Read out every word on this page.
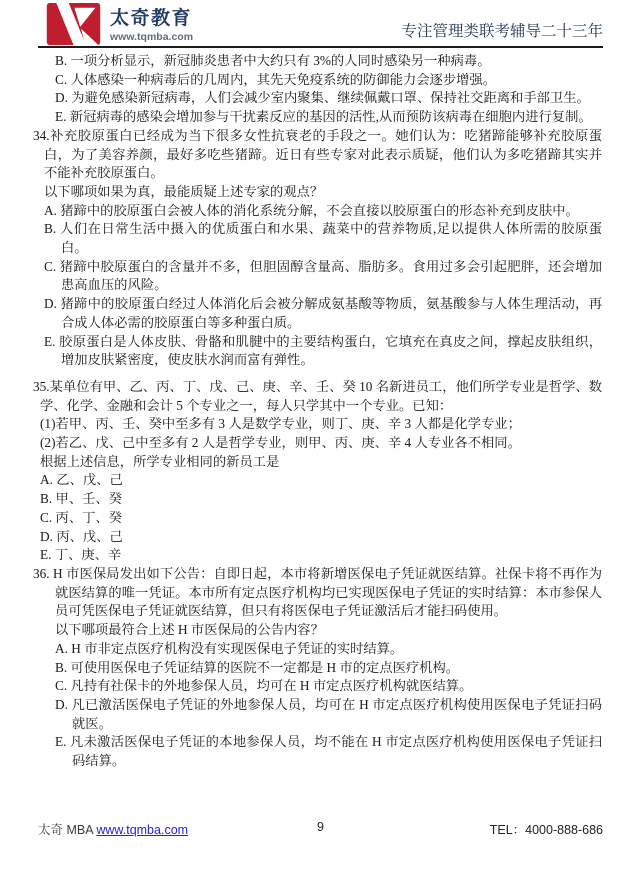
太奇教育
www.tqmba.com	专注管理类联考辅导二十三年
B. 一项分析显示，新冠肺炎患者中大约只有 3%的人同时感染另一种病毒。
C. 人体感染一种病毒后的几周内，其先天免疫系统的防御能力会逐步增强。
D. 为避免感染新冠病毒，人们会减少室内聚集、继续佩戴口罩、保持社交距离和手部卫生。
E. 新冠病毒的感染会增加参与干扰素反应的基因的活性,从而预防该病毒在细胞内进行复制。
34.补充胶原蛋白已经成为当下很多女性抗衰老的手段之一。她们认为：吃猪蹄能够补充胶原蛋白，为了美容养颜，最好多吃些猪蹄。近日有些专家对此表示质疑，他们认为多吃猪蹄其实并不能补充胶原蛋白。
以下哪项如果为真，最能质疑上述专家的观点？
A. 猪蹄中的胶原蛋白会被人体的消化系统分解，不会直接以胶原蛋白的形态补充到皮肤中。
B. 人们在日常生活中摄入的优质蛋白和水果、蔬菜中的营养物质,足以提供人体所需的胶原蛋白。
C. 猪蹄中胶原蛋白的含量并不多，但胆固醇含量高、脂肪多。食用过多会引起肥胖，还会增加患高血压的风险。
D. 猪蹄中的胶原蛋白经过人体消化后会被分解成氨基酸等物质，氨基酸参与人体生理活动，再合成人体必需的胶原蛋白等多种蛋白质。
E. 胶原蛋白是人体皮肤、骨骼和肌腱中的主要结构蛋白，它填充在真皮之间，撑起皮肤组织，增加皮肤紧密度，使皮肤水润而富有弹性。
35.某单位有甲、乙、丙、丁、戊、己、庚、辛、壬、癸 10 名新进员工，他们所学专业是哲学、数学、化学、金融和会计 5 个专业之一，每人只学其中一个专业。已知：
(1)若甲、丙、壬、癸中至多有 3 人是数学专业，则丁、庚、辛 3 人都是化学专业；
(2)若乙、戊、己中至多有 2 人是哲学专业，则甲、丙、庚、辛 4 人专业各不相同。
根据上述信息，所学专业相同的新员工是
A. 乙、戊、己
B. 甲、壬、癸
C. 丙、丁、癸
D. 丙、戊、己
E. 丁、庚、辛
36. H 市医保局发出如下公告：自即日起，本市将新增医保电子凭证就医结算。社保卡将不再作为就医结算的唯一凭证。本市所有定点医疗机构均已实现医保电子凭证的实时结算：本市参保人员可凭医保电子凭证就医结算，但只有将医保电子凭证激活后才能扫码使用。
以下哪项最符合上述 H 市医保局的公告内容？
A. H 市非定点医疗机构没有实现医保电子凭证的实时结算。
B. 可使用医保电子凭证结算的医院不一定都是 H 市的定点医疗机构。
C. 凡持有社保卡的外地参保人员，均可在 H 市定点医疗机构就医结算。
D. 凡已激活医保电子凭证的外地参保人员，均可在 H 市定点医疗机构使用医保电子凭证扫码就医。
E. 凡未激活医保电子凭证的本地参保人员，均不能在 H 市定点医疗机构使用医保电子凭证扫码结算。
太奇 MBA www.tqmba.com	9	TEL：4000-888-686
